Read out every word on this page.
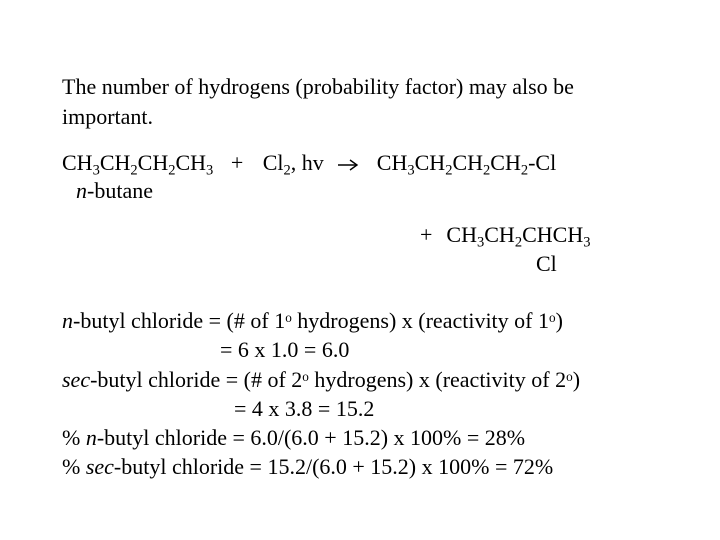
The number of hydrogens (probability factor) may also be
important.
$CH_3CH_2CH_2CH_3 + Cl_2$, hv $CH_3CH_2CH_2CH_2-Cl$
n-butane
+ $CH_3CH_2CHCH_3$
Cl
n-butyl chloride = (# of 1$^o$ hydrogens) x (reactivity of $1^o$)
= 6 x 1.0 = 6.0
sec-butyl chloride = (# of 2$^o$ hydrogens) x (reactivity of $2^o$)
= 4 x 3.8 = 15.2
% n-butyl chloride = 6.0/(6.0 + 15.2) x 100% = 28%
% sec-butyl chloride = 15.2/(6.0 + 15.2) x 100% = 72%
